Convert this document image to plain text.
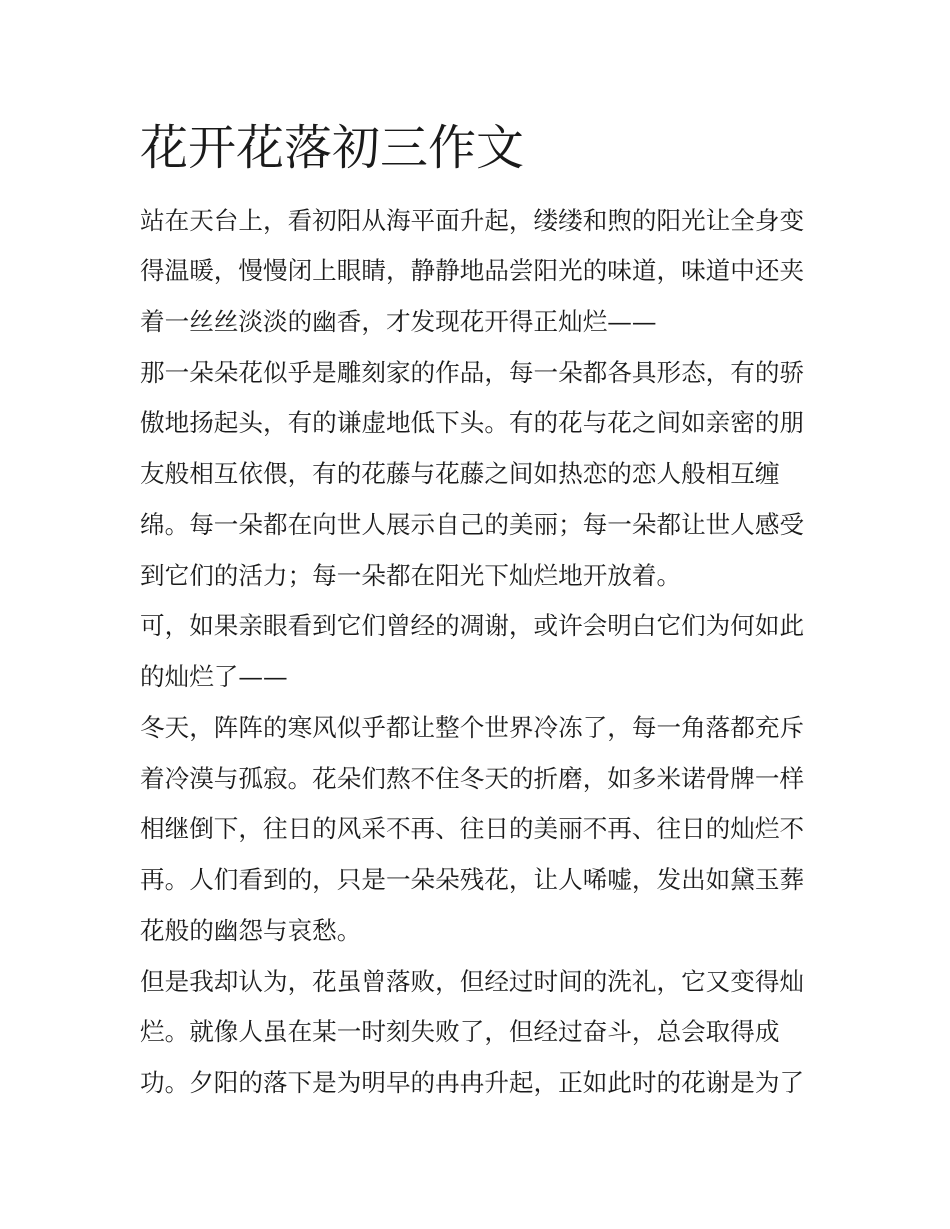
花开花落初三作文

站在天台上，看初阳从海平面升起，缕缕和煦的阳光让全身变

得温暖，慢慢闭上眼睛，静静地品尝阳光的味道，味道中还夹

着一丝丝淡淡的幽香，才发现花开得正灿烂——

那一朵朵花似乎是雕刻家的作品，每一朵都各具形态，有的骄

傲地扬起头，有的谦虚地低下头。有的花与花之间如亲密的朋

友般相互依偎，有的花藤与花藤之间如热恋的恋人般相互缠

绵。每一朵都在向世人展示自己的美丽；每一朵都让世人感受

到它们的活力；每一朵都在阳光下灿烂地开放着。

可，如果亲眼看到它们曾经的凋谢，或许会明白它们为何如此

的灿烂了——

冬天，阵阵的寒风似乎都让整个世界冷冻了，每一角落都充斥

着冷漠与孤寂。花朵们熬不住冬天的折磨，如多米诺骨牌一样

相继倒下，往日的风采不再、往日的美丽不再、往日的灿烂不

再。人们看到的，只是一朵朵残花，让人唏嘘，发出如黛玉葬

花般的幽怨与哀愁。

但是我却认为，花虽曾落败，但经过时间的洗礼，它又变得灿

烂。就像人虽在某一时刻失败了，但经过奋斗，总会取得成

功。夕阳的落下是为明早的冉冉升起，正如此时的花谢是为了
